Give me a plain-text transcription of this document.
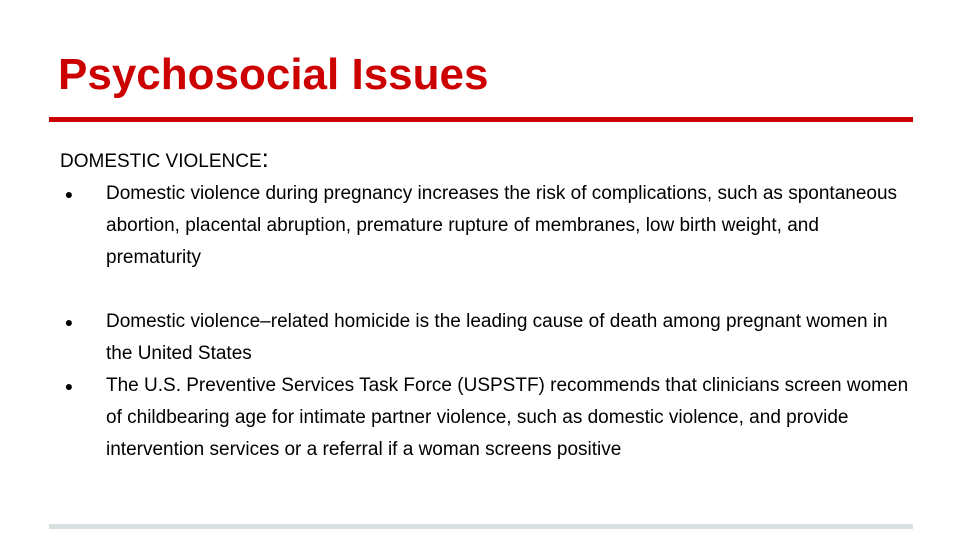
Psychosocial Issues

DOMESTIC VIOLENCE:

● Domestic violence during pregnancy increases the risk of complications, such as spontaneous abortion, placental abruption, premature rupture of membranes, low birth weight, and prematurity
● Domestic violence–related homicide is the leading cause of death among pregnant women in the United States
● The U.S. Preventive Services Task Force (USPSTF) recommends that clinicians screen women of childbearing age for intimate partner violence, such as domestic violence, and provide intervention services or a referral if a woman screens positive
